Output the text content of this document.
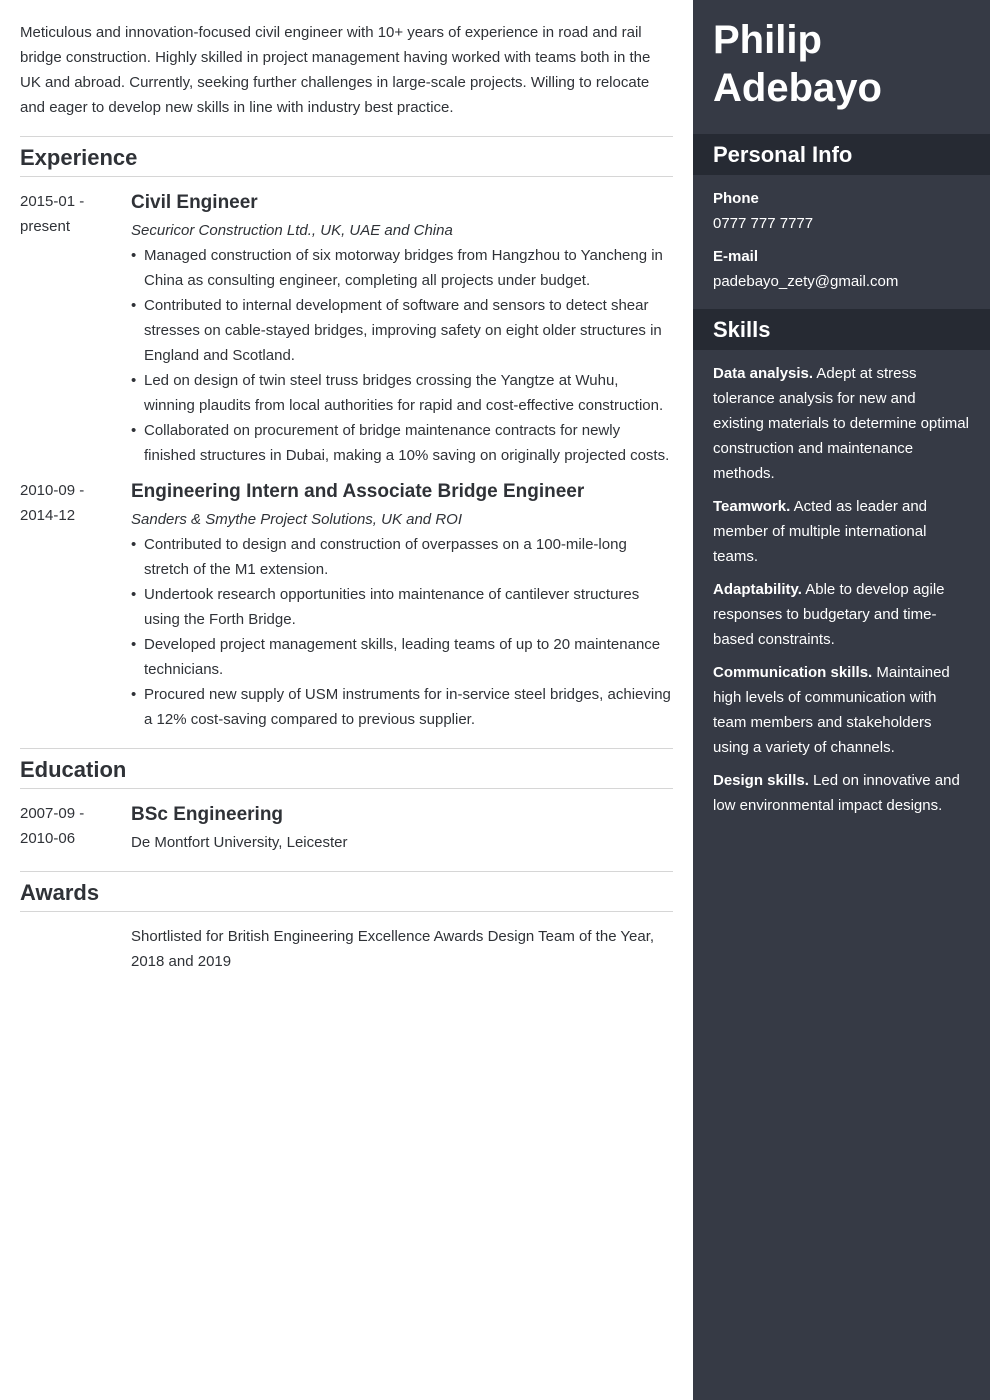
Meticulous and innovation-focused civil engineer with 10+ years of experience in road and rail bridge construction. Highly skilled in project management having worked with teams both in the UK and abroad. Currently, seeking further challenges in large-scale projects. Willing to relocate and eager to develop new skills in line with industry best practice.

Experience
2015-01 -
present
Civil Engineer
Securicor Construction Ltd., UK, UAE and China
• Managed construction of six motorway bridges from Hangzhou to Yancheng in China as consulting engineer, completing all projects under budget.
• Contributed to internal development of software and sensors to detect shear stresses on cable-stayed bridges, improving safety on eight older structures in England and Scotland.
• Led on design of twin steel truss bridges crossing the Yangtze at Wuhu, winning plaudits from local authorities for rapid and cost-effective construction.
• Collaborated on procurement of bridge maintenance contracts for newly finished structures in Dubai, making a 10% saving on originally projected costs.
2010-09 -
2014-12
Engineering Intern and Associate Bridge Engineer
Sanders & Smythe Project Solutions, UK and ROI
• Contributed to design and construction of overpasses on a 100-mile-long stretch of the M1 extension.
• Undertook research opportunities into maintenance of cantilever structures using the Forth Bridge.
• Developed project management skills, leading teams of up to 20 maintenance technicians.
• Procured new supply of USM instruments for in-service steel bridges, achieving a 12% cost-saving compared to previous supplier.
Education
2007-09 -
2010-06
BSc Engineering
De Montfort University, Leicester
Awards
Shortlisted for British Engineering Excellence Awards Design Team of the Year, 2018 and 2019
Philip
Adebayo
Personal Info
Phone
0777 777 7777
E-mail
padebayo_zety@gmail.com
Skills
Data analysis. Adept at stress tolerance analysis for new and existing materials to determine optimal construction and maintenance methods.
Teamwork. Acted as leader and member of multiple international teams.
Adaptability. Able to develop agile responses to budgetary and time-based constraints.
Communication skills. Maintained high levels of communication with team members and stakeholders using a variety of channels.
Design skills. Led on innovative and low environmental impact designs.
